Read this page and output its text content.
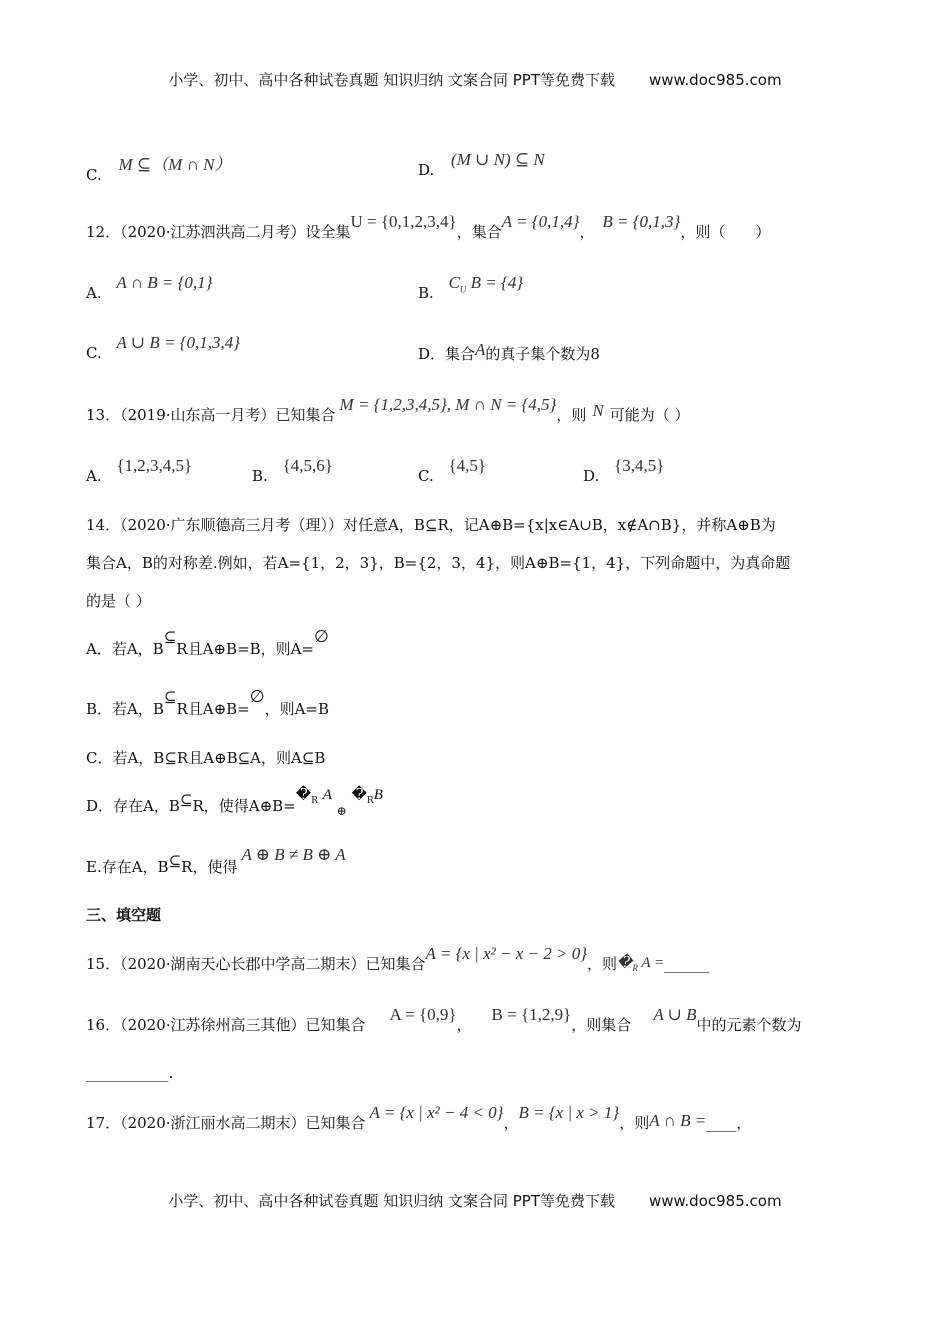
小学、初中、高中各种试卷真题 知识归纳 文案合同 PPT等免费下载 www.doc985.com
C. M ⊆（M ∩ N）	D. (M ∪ N) ⊆ N
12．（2020·江苏泗洪高二月考）设全集U = {0,1,2,3,4}，集合A = {0,1,4}，B = {0,1,3}，则（　　）
A. A ∩ B = {0,1}
B. $C_U$ B = {4}
C. A ∪ B = {0,1,3,4}
D．集合A的真子集个数为8
13．（2019·山东高一月考）已知集合M = {1,2,3,4,5}, M ∩ N = {4,5}，则 N 可能为（ ）
A. {1,2,3,4,5}
B. {4,5,6}
C. {4,5}
D. {3,4,5}
14．（2020·广东顺德高三月考（理））对任意A，B⊆R，记A⊕B={x|x∈A∪B，x∉A∩B}，并称A⊕B为
集合A，B的对称差.例如，若A={1，2，3}，B={2，3，4}，则A⊕B={1，4}，下列命题中，为真命题
的是（ ）
A．若A，B⊆R且A⊕B=B，则A=∅
B．若A，B⊆R且A⊕B=∅，则A=B
C．若A，B⊆R且A⊕B⊆A，则A⊆B
D．存在A，B⊆R，使得$A\oplus B=�_R$ A $_\oplus$ $�_RB$
E.存在A，B⊆R，使得A ⊕ B ≠ B ⊕ A
三、填空题
15．（2020·湖南天心长郡中学高二期末）已知集合A = {x | x² − x − 2 > 0}，则$�_R$ A =______
16．（2020·江苏徐州高三其他）已知集合A = {0,9}，B = {1,2,9}，则集合A ∪ B中的元素个数为
___________.
17．（2020·浙江丽水高二期末）已知集合A = {x | x² − 4 < 0}，B = {x | x > 1}，则A ∩ B =____，
小学、初中、高中各种试卷真题 知识归纳 文案合同 PPT等免费下载 www.doc985.com
